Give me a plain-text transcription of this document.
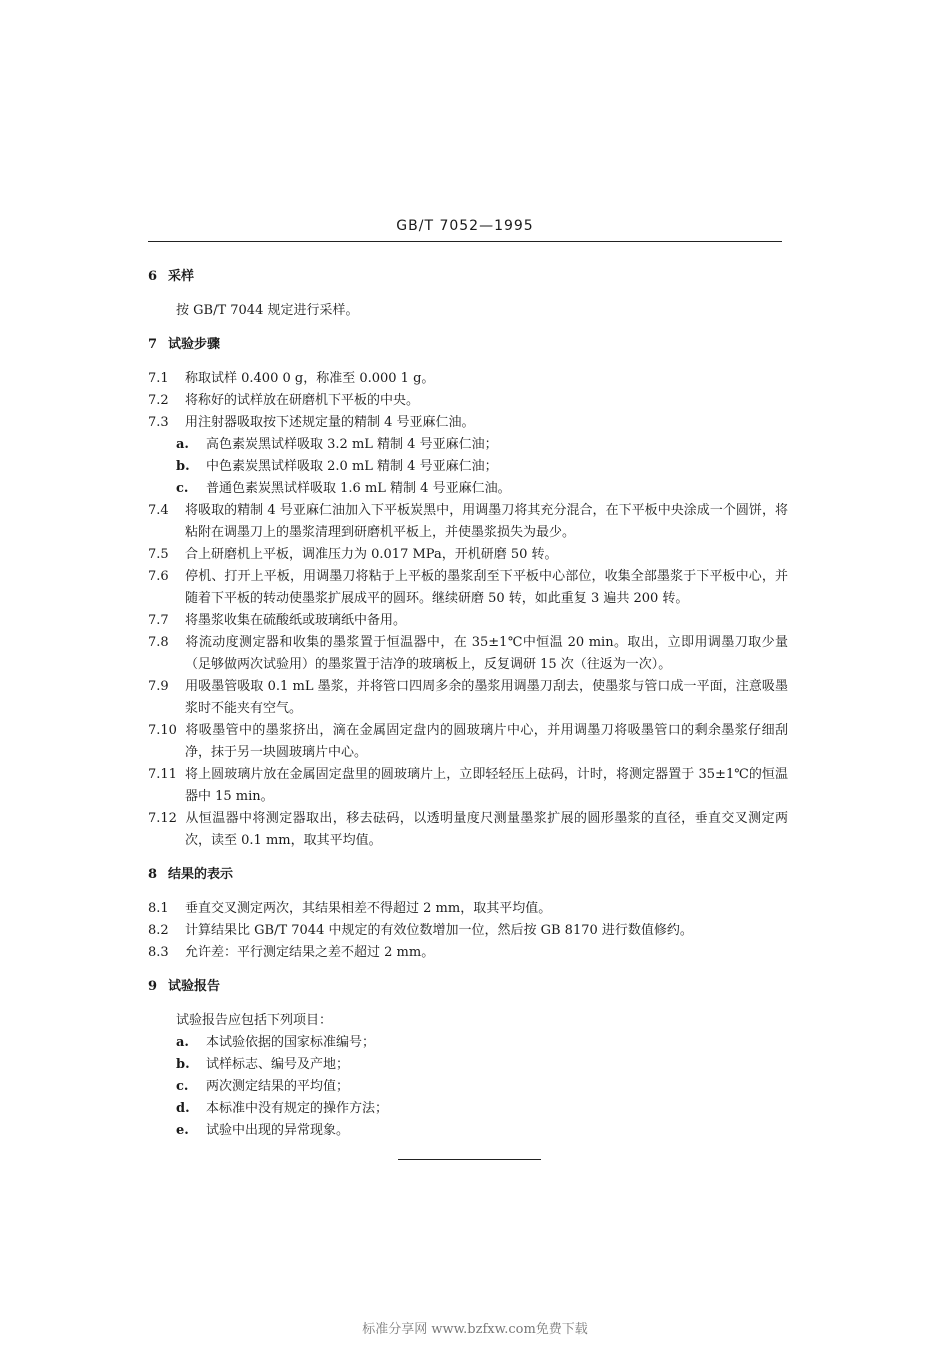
GB/T 7052—1995
6 采样
按 GB/T 7044 规定进行采样。
7 试验步骤
7.1 称取试样 0.400 0 g，称准至 0.000 1 g。
7.2 将称好的试样放在研磨机下平板的中央。
7.3 用注射器吸取按下述规定量的精制 4 号亚麻仁油。
a. 高色素炭黑试样吸取 3.2 mL 精制 4 号亚麻仁油；
b. 中色素炭黑试样吸取 2.0 mL 精制 4 号亚麻仁油；
c. 普通色素炭黑试样吸取 1.6 mL 精制 4 号亚麻仁油。
7.4 将吸取的精制 4 号亚麻仁油加入下平板炭黑中，用调墨刀将其充分混合，在下平板中央涂成一个圆饼，将粘附在调墨刀上的墨浆清理到研磨机平板上，并使墨浆损失为最少。
7.5 合上研磨机上平板，调准压力为 0.017 MPa，开机研磨 50 转。
7.6 停机、打开上平板，用调墨刀将粘于上平板的墨浆刮至下平板中心部位，收集全部墨浆于下平板中心，并随着下平板的转动使墨浆扩展成平的圆环。继续研磨 50 转，如此重复 3 遍共 200 转。
7.7 将墨浆收集在硫酸纸或玻璃纸中备用。
7.8 将流动度测定器和收集的墨浆置于恒温器中，在 35±1℃中恒温 20 min。取出，立即用调墨刀取少量（足够做两次试验用）的墨浆置于洁净的玻璃板上，反复调研 15 次（往返为一次）。
7.9 用吸墨管吸取 0.1 mL 墨浆，并将管口四周多余的墨浆用调墨刀刮去，使墨浆与管口成一平面，注意吸墨浆时不能夹有空气。
7.10 将吸墨管中的墨浆挤出，滴在金属固定盘内的圆玻璃片中心，并用调墨刀将吸墨管口的剩余墨浆仔细刮净，抹于另一块圆玻璃片中心。
7.11 将上圆玻璃片放在金属固定盘里的圆玻璃片上，立即轻轻压上砝码，计时，将测定器置于 35±1℃的恒温器中 15 min。
7.12 从恒温器中将测定器取出，移去砝码，以透明量度尺测量墨浆扩展的圆形墨浆的直径，垂直交叉测定两次，读至 0.1 mm，取其平均值。
8 结果的表示
8.1 垂直交叉测定两次，其结果相差不得超过 2 mm，取其平均值。
8.2 计算结果比 GB/T 7044 中规定的有效位数增加一位，然后按 GB 8170 进行数值修约。
8.3 允许差：平行测定结果之差不超过 2 mm。
9 试验报告
试验报告应包括下列项目：
a. 本试验依据的国家标准编号；
b. 试样标志、编号及产地；
c. 两次测定结果的平均值；
d. 本标准中没有规定的操作方法；
e. 试验中出现的异常现象。
标准分享网 www.bzfxw.com免费下载
